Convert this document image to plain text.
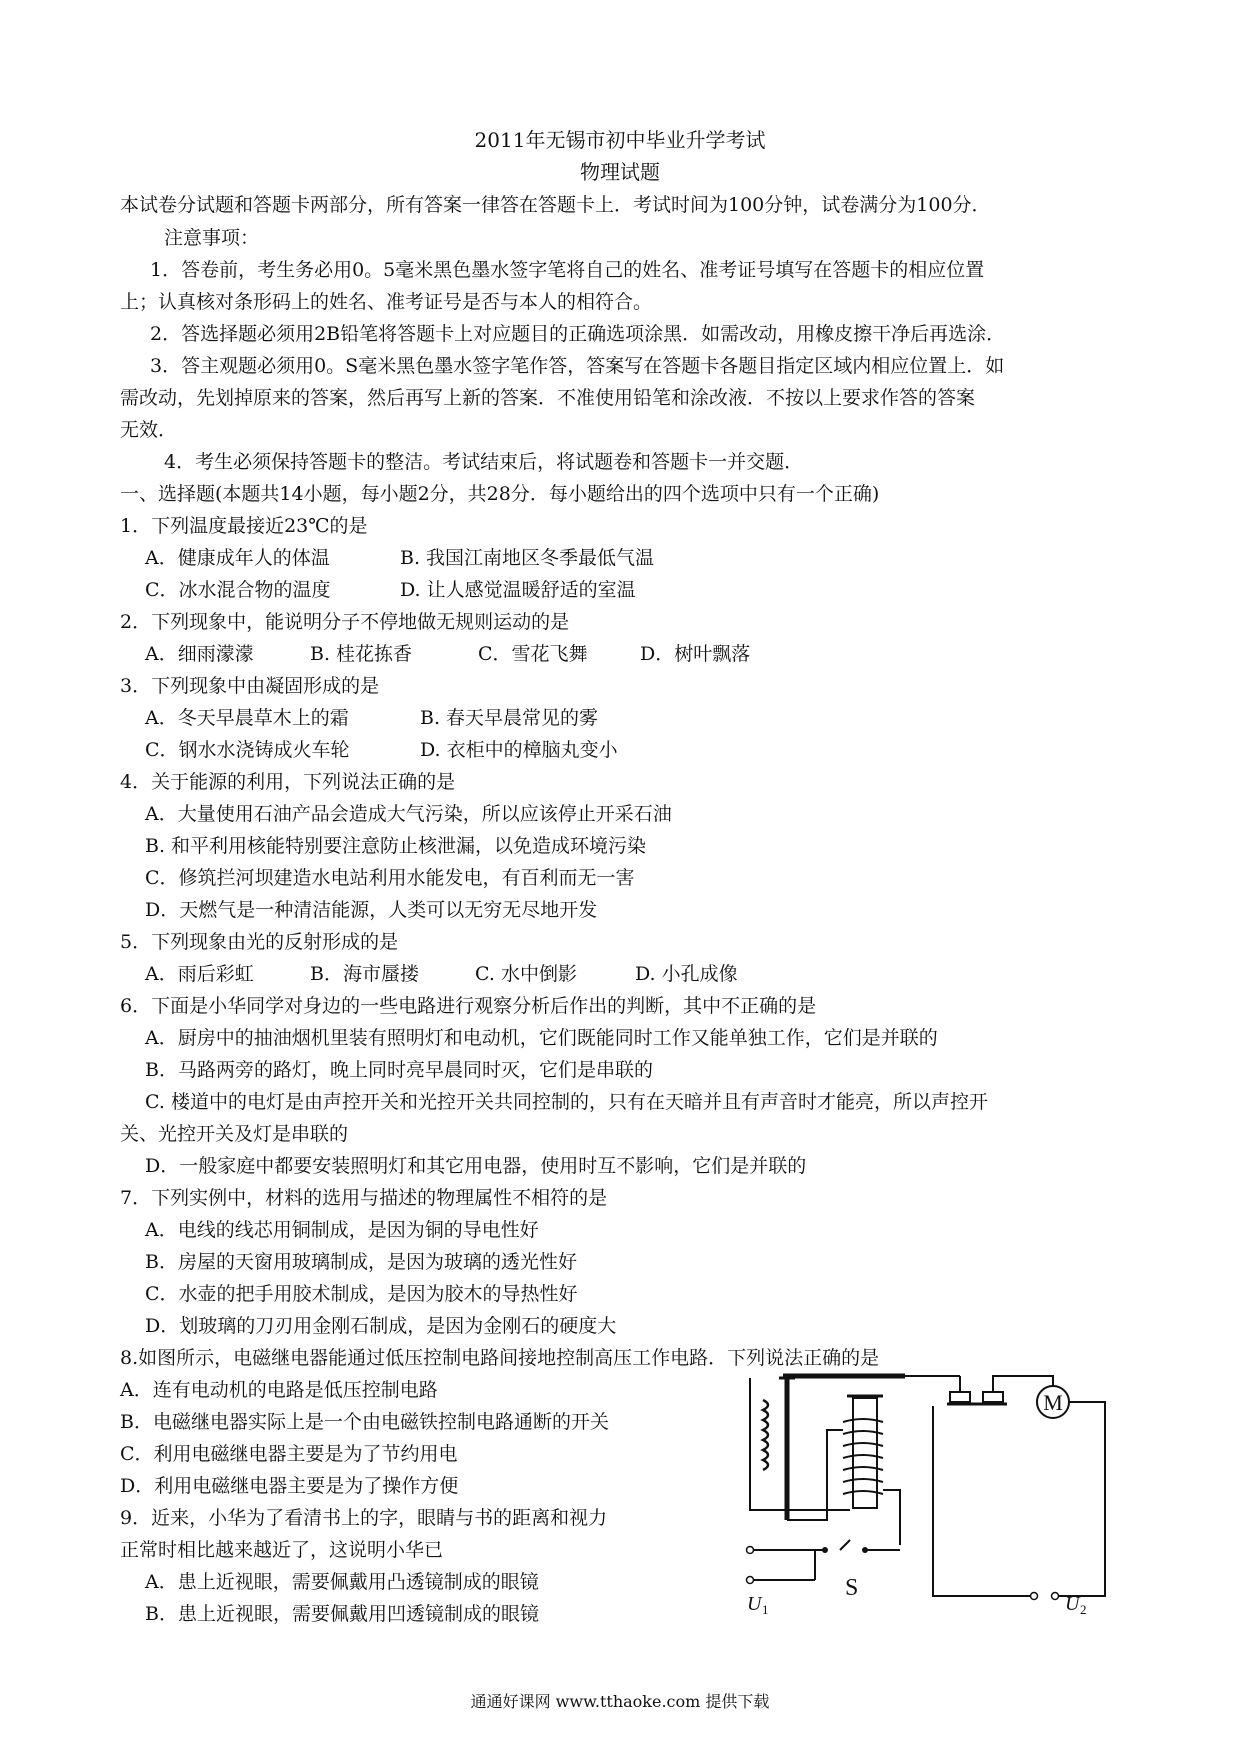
2011年无锡市初中毕业升学考试
物理试题
本试卷分试题和答题卡两部分，所有答案一律答在答题卡上．考试时间为100分钟，试卷满分为100分．
注意事项：
1．答卷前，考生务必用0。5毫米黑色墨水签字笔将自己的姓名、准考证号填写在答题卡的相应位置
上；认真核对条形码上的姓名、准考证号是否与本人的相符合。
2．答选择题必须用2B铅笔将答题卡上对应题目的正确选项涂黑．如需改动，用橡皮擦干净后再选涂．
3．答主观题必须用0。S毫米黑色墨水签字笔作答，答案写在答题卡各题目指定区域内相应位置上．如
需改动，先划掉原来的答案，然后再写上新的答案．不准使用铅笔和涂改液．不按以上要求作答的答案
无效．
4．考生必须保持答题卡的整洁。考试结束后，将试题卷和答题卡一并交题．
一、选择题(本题共14小题，每小题2分，共28分．每小题给出的四个选项中只有一个正确)
1．下列温度最接近23℃的是
A．健康成年人的体温	B. 我国江南地区冬季最低气温
C．冰水混合物的温度	D. 让人感觉温暖舒适的室温
2．下列现象中，能说明分子不停地做无规则运动的是
A．细雨濛濛	B. 桂花拣香	C．雪花飞舞	D．树叶飘落
3．下列现象中由凝固形成的是
A．冬天早晨草木上的霜	B. 春天早晨常见的雾
C．钢水水浇铸成火车轮	D. 衣柜中的樟脑丸变小
4．关于能源的利用，下列说法正确的是
A．大量使用石油产品会造成大气污染，所以应该停止开采石油
B. 和平利用核能特别要注意防止核泄漏，以免造成环境污染
C．修筑拦河坝建造水电站利用水能发电，有百利而无一害
D．天燃气是一种清洁能源，人类可以无穷无尽地开发
5．下列现象由光的反射形成的是
A．雨后彩虹	B．海市蜃搂	C. 水中倒影	D. 小孔成像
6．下面是小华同学对身边的一些电路进行观察分析后作出的判断，其中不正确的是
A．厨房中的抽油烟机里装有照明灯和电动机，它们既能同时工作又能单独工作，它们是并联的
B．马路两旁的路灯，晚上同时亮早晨同时灭，它们是串联的
C. 楼道中的电灯是由声控开关和光控开关共同控制的，只有在天暗并且有声音时才能亮，所以声控开
关、光控开关及灯是串联的
D．一般家庭中都要安装照明灯和其它用电器，使用时互不影响，它们是并联的
7．下列实例中，材料的选用与描述的物理属性不相符的是
A．电线的线芯用铜制成，是因为铜的导电性好
B．房屋的天窗用玻璃制成，是因为玻璃的透光性好
C．水壶的把手用胶术制成，是因为胶木的导热性好
D．划玻璃的刀刃用金刚石制成，是因为金刚石的硬度大
8.如图所示，电磁继电器能通过低压控制电路间接地控制高压工作电路．下列说法正确的是
A．连有电动机的电路是低压控制电路
B．电磁继电器实际上是一个由电磁铁控制电路通断的开关
C．利用电磁继电器主要是为了节约用电
D．利用电磁继电器主要是为了操作方便
9．近来，小华为了看清书上的字，眼睛与书的距离和视力
正常时相比越来越近了，这说明小华已
A．患上近视眼，需要佩戴用凸透镜制成的眼镜
B．患上近视眼，需要佩戴用凹透镜制成的眼镜
M
S
U 1	U 2
通通好课网 www.tthaoke.com 提供下载
